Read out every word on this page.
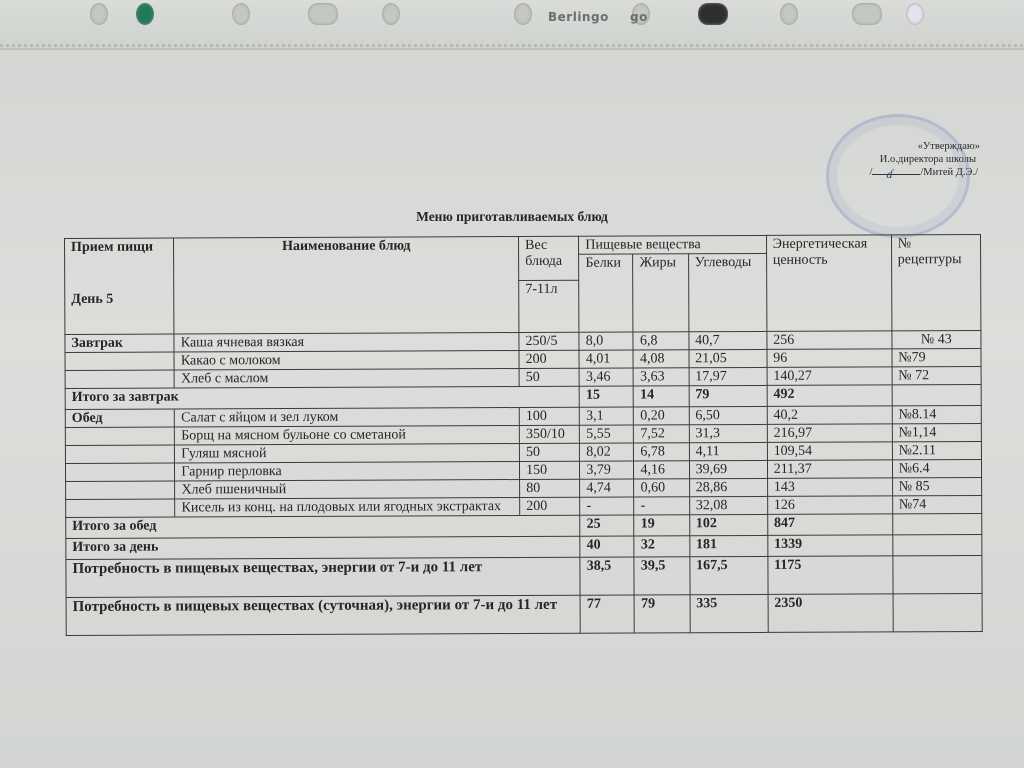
Berlingo go
«Утверждаю»
И.о.директора школы
/ ɗ	/Митей Д.Э./
Меню приготавливаемых блюд
Прием пищи
День 5	Наименование блюд	Вес блюда	Пищевые вещества			Энергетическая ценность	№ рецептуры
			Белки	Жиры	Углеводы		
		7-11л					
Завтрак	Каша ячневая вязкая	250/5	8,0	6,8	40,7	256	№ 43
	Какао с молоком	200	4,01	4,08	21,05	96	№79
	Хлеб с маслом	50	3,46	3,63	17,97	140,27	№ 72
Итого за завтрак			15	14	79	492	
Обед	Салат с яйцом и зел луком	100	3,1	0,20	6,50	40,2	№8.14
	Борщ на мясном бульоне со сметаной	350/10	5,55	7,52	31,3	216,97	№1,14
	Гуляш мясной	50	8,02	6,78	4,11	109,54	№2.11
	Гарнир перловка	150	3,79	4,16	39,69	211,37	№6.4
	Хлеб пшеничный	80	4,74	0,60	28,86	143	№ 85
	Кисель из конц. на плодовых или ягодных экстрактах	200	-	-	32,08	126	№74
Итого за обед			25	19	102	847	
Итого за день			40	32	181	1339	
Потребность в пищевых веществах, энергии от 7-и до 11 лет			38,5	39,5	167,5	1175	
Потребность в пищевых веществах (суточная), энергии от 7-и до 11 лет			77	79	335	2350	
